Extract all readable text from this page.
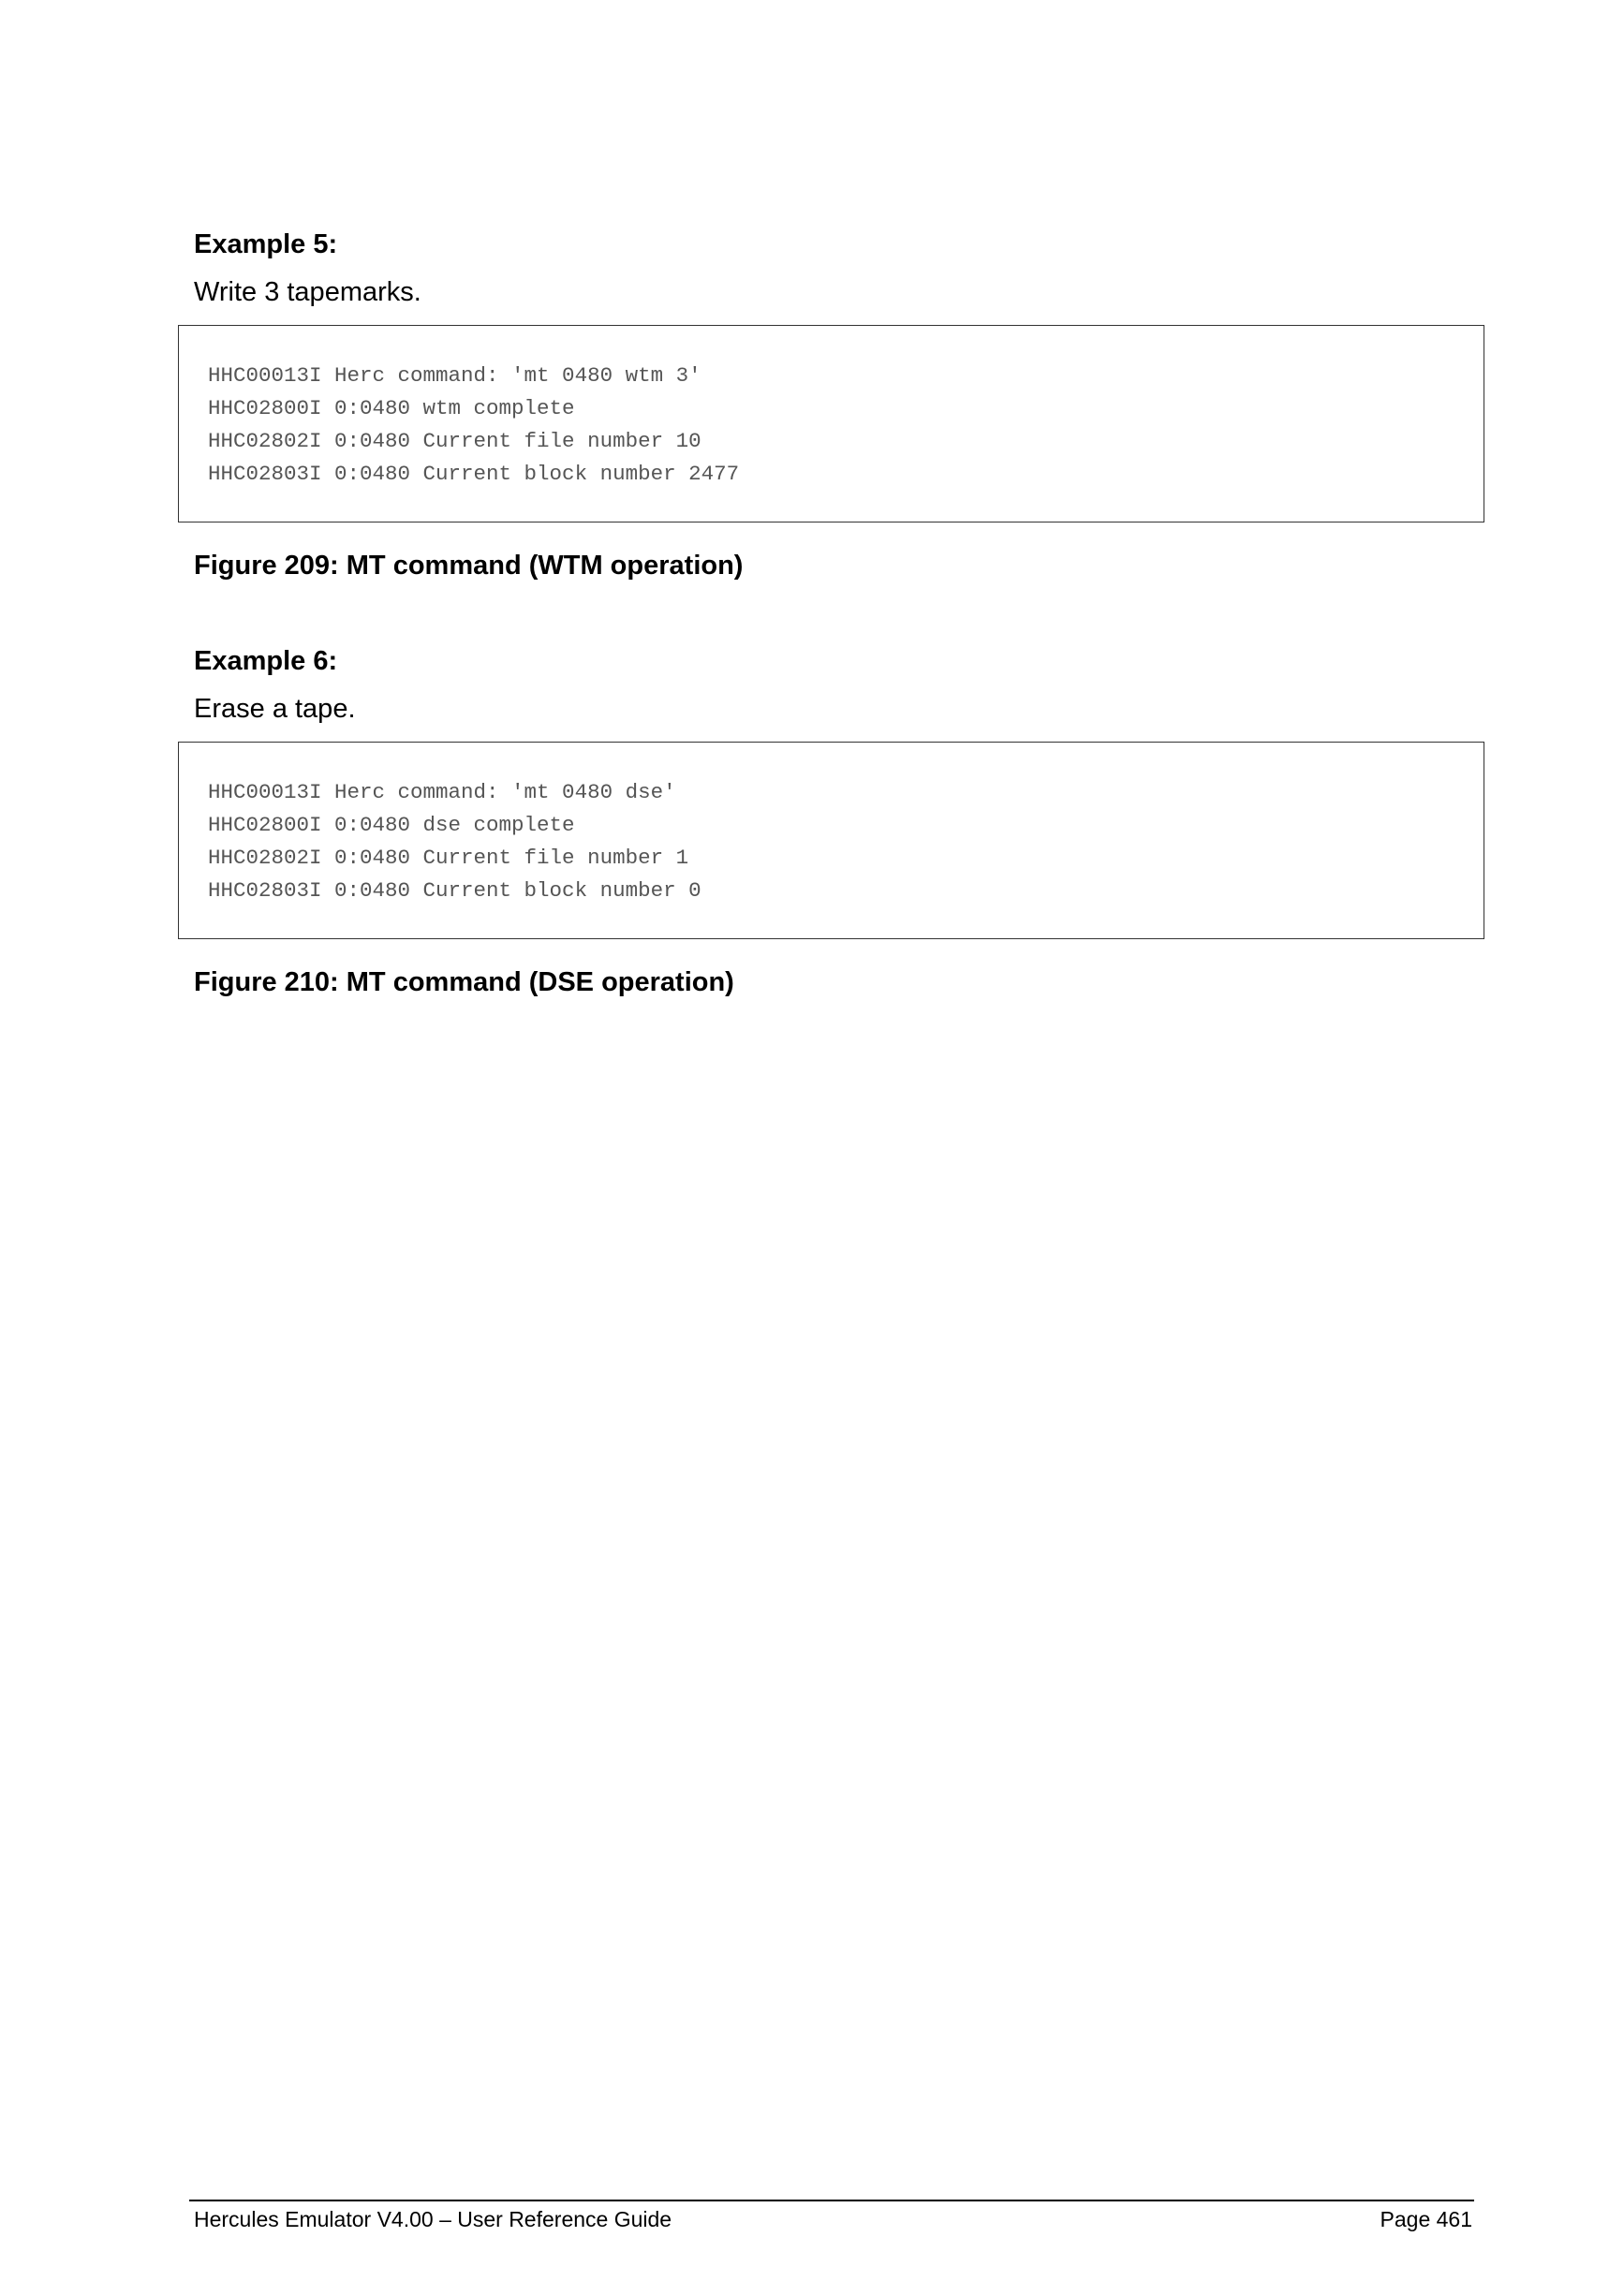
Example 5:

Write 3 tapemarks.

HHC00013I Herc command: 'mt 0480 wtm 3'
HHC02800I 0:0480 wtm complete
HHC02802I 0:0480 Current file number 10
HHC02803I 0:0480 Current block number 2477

Figure 209: MT command (WTM operation)

Example 6:

Erase a tape.

HHC00013I Herc command: 'mt 0480 dse'
HHC02800I 0:0480 dse complete
HHC02802I 0:0480 Current file number 1
HHC02803I 0:0480 Current block number 0

Figure 210: MT command (DSE operation)

Hercules Emulator V4.00 – User Reference Guide	Page 461
